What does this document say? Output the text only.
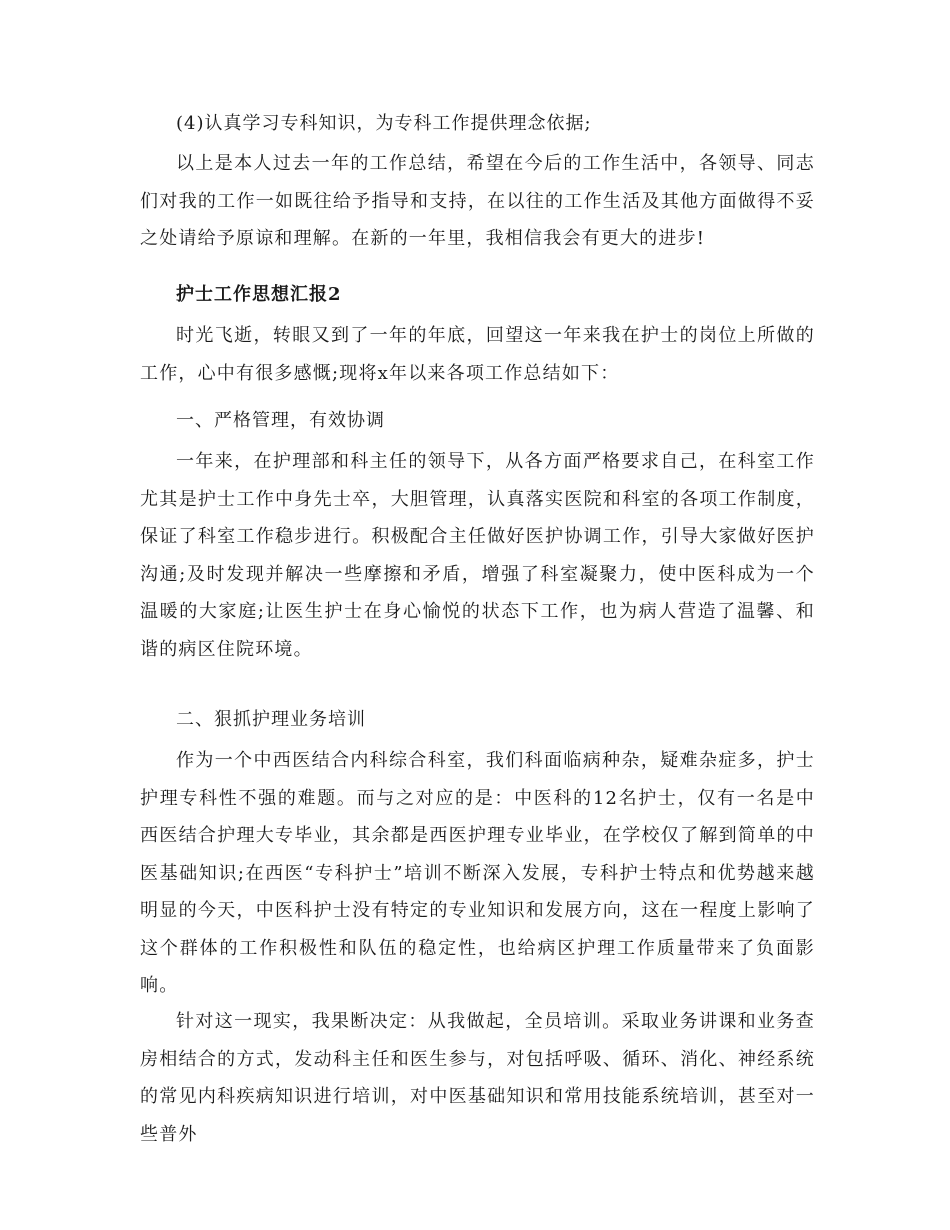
(4)认真学习专科知识，为专科工作提供理念依据;
以上是本人过去一年的工作总结，希望在今后的工作生活中，各领导、同志们对我的工作一如既往给予指导和支持，在以往的工作生活及其他方面做得不妥之处请给予原谅和理解。在新的一年里，我相信我会有更大的进步!
护士工作思想汇报2
时光飞逝，转眼又到了一年的年底，回望这一年来我在护士的岗位上所做的工作，心中有很多感慨;现将x年以来各项工作总结如下：
一、严格管理，有效协调
一年来，在护理部和科主任的领导下，从各方面严格要求自己，在科室工作尤其是护士工作中身先士卒，大胆管理，认真落实医院和科室的各项工作制度，保证了科室工作稳步进行。积极配合主任做好医护协调工作，引导大家做好医护沟通;及时发现并解决一些摩擦和矛盾，增强了科室凝聚力，使中医科成为一个温暖的大家庭;让医生护士在身心愉悦的状态下工作，也为病人营造了温馨、和谐的病区住院环境。
二、狠抓护理业务培训
作为一个中西医结合内科综合科室，我们科面临病种杂，疑难杂症多，护士护理专科性不强的难题。而与之对应的是：中医科的12名护士，仅有一名是中西医结合护理大专毕业，其余都是西医护理专业毕业，在学校仅了解到简单的中医基础知识;在西医“专科护士”培训不断深入发展，专科护士特点和优势越来越明显的今天，中医科护士没有特定的专业知识和发展方向，这在一程度上影响了这个群体的工作积极性和队伍的稳定性，也给病区护理工作质量带来了负面影响。
针对这一现实，我果断决定：从我做起，全员培训。采取业务讲课和业务查房相结合的方式，发动科主任和医生参与，对包括呼吸、循环、消化、神经系统的常见内科疾病知识进行培训，对中医基础知识和常用技能系统培训，甚至对一些普外
